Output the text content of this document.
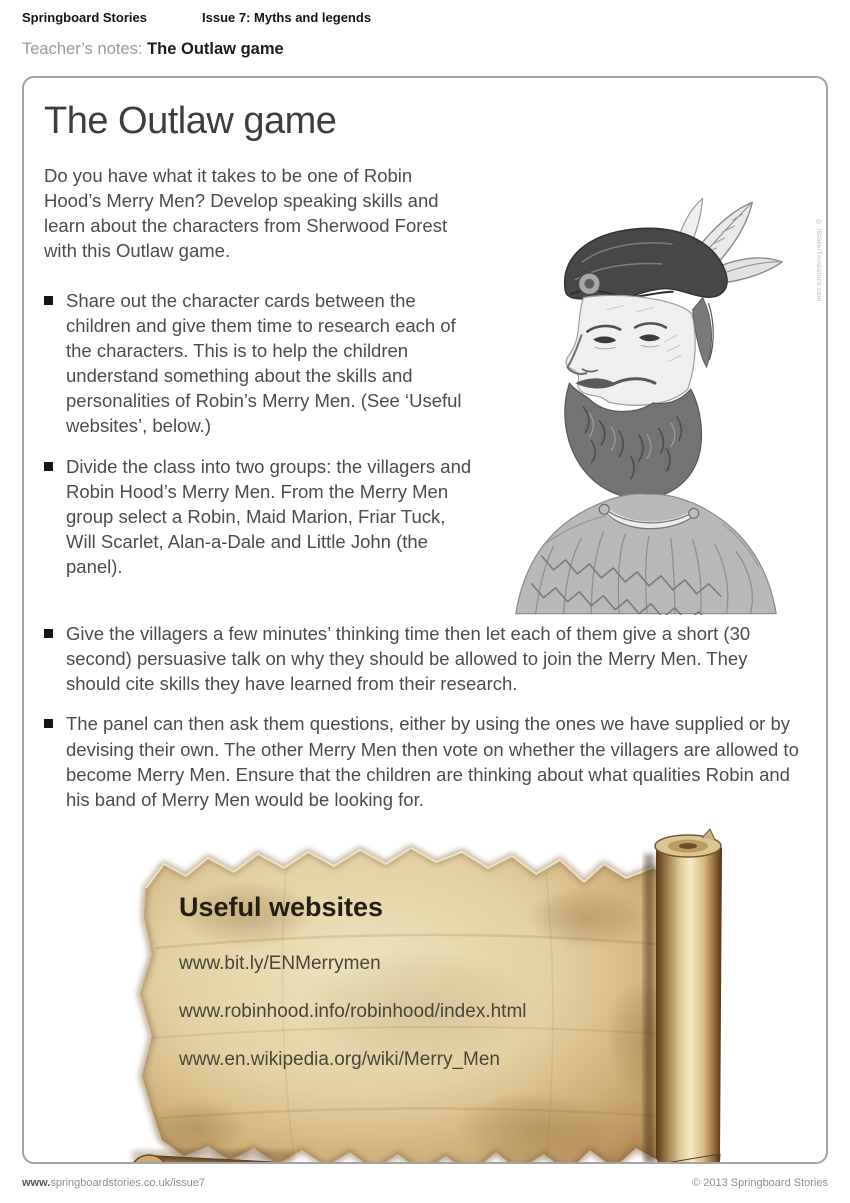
Springboard Stories	Issue 7: Myths and legends
Teacher’s notes: The Outlaw game
The Outlaw game
© iStock/Thinkstock.com

Do you have what it takes to be one of Robin Hood’s Merry Men? Develop speaking skills and learn about the characters from Sherwood Forest with this Outlaw game.

Share out the character cards between the children and give them time to research each of the characters. This is to help the children understand something about the skills and personalities of Robin’s Merry Men. (See ‘Useful websites’, below.)
Divide the class into two groups: the villagers and Robin Hood’s Merry Men. From the Merry Men group select a Robin, Maid Marion, Friar Tuck, Will Scarlet, Alan-a-Dale and Little John (the panel).
Give the villagers a few minutes’ thinking time then let each of them give a short (30 second) persuasive talk on why they should be allowed to join the Merry Men. They should cite skills they have learned from their research.
The panel can then ask them questions, either by using the ones we have supplied or by devising their own. The other Merry Men then vote on whether the villagers are allowed to become Merry Men. Ensure that the children are thinking about what qualities Robin and his band of Merry Men would be looking for.
Useful websites
www.bit.ly/ENMerrymen
www.robinhood.info/robinhood/index.html
www.en.wikipedia.org/wiki/Merry_Men
www.springboardstories.co.uk/issue7	© 2013 Springboard Stories
